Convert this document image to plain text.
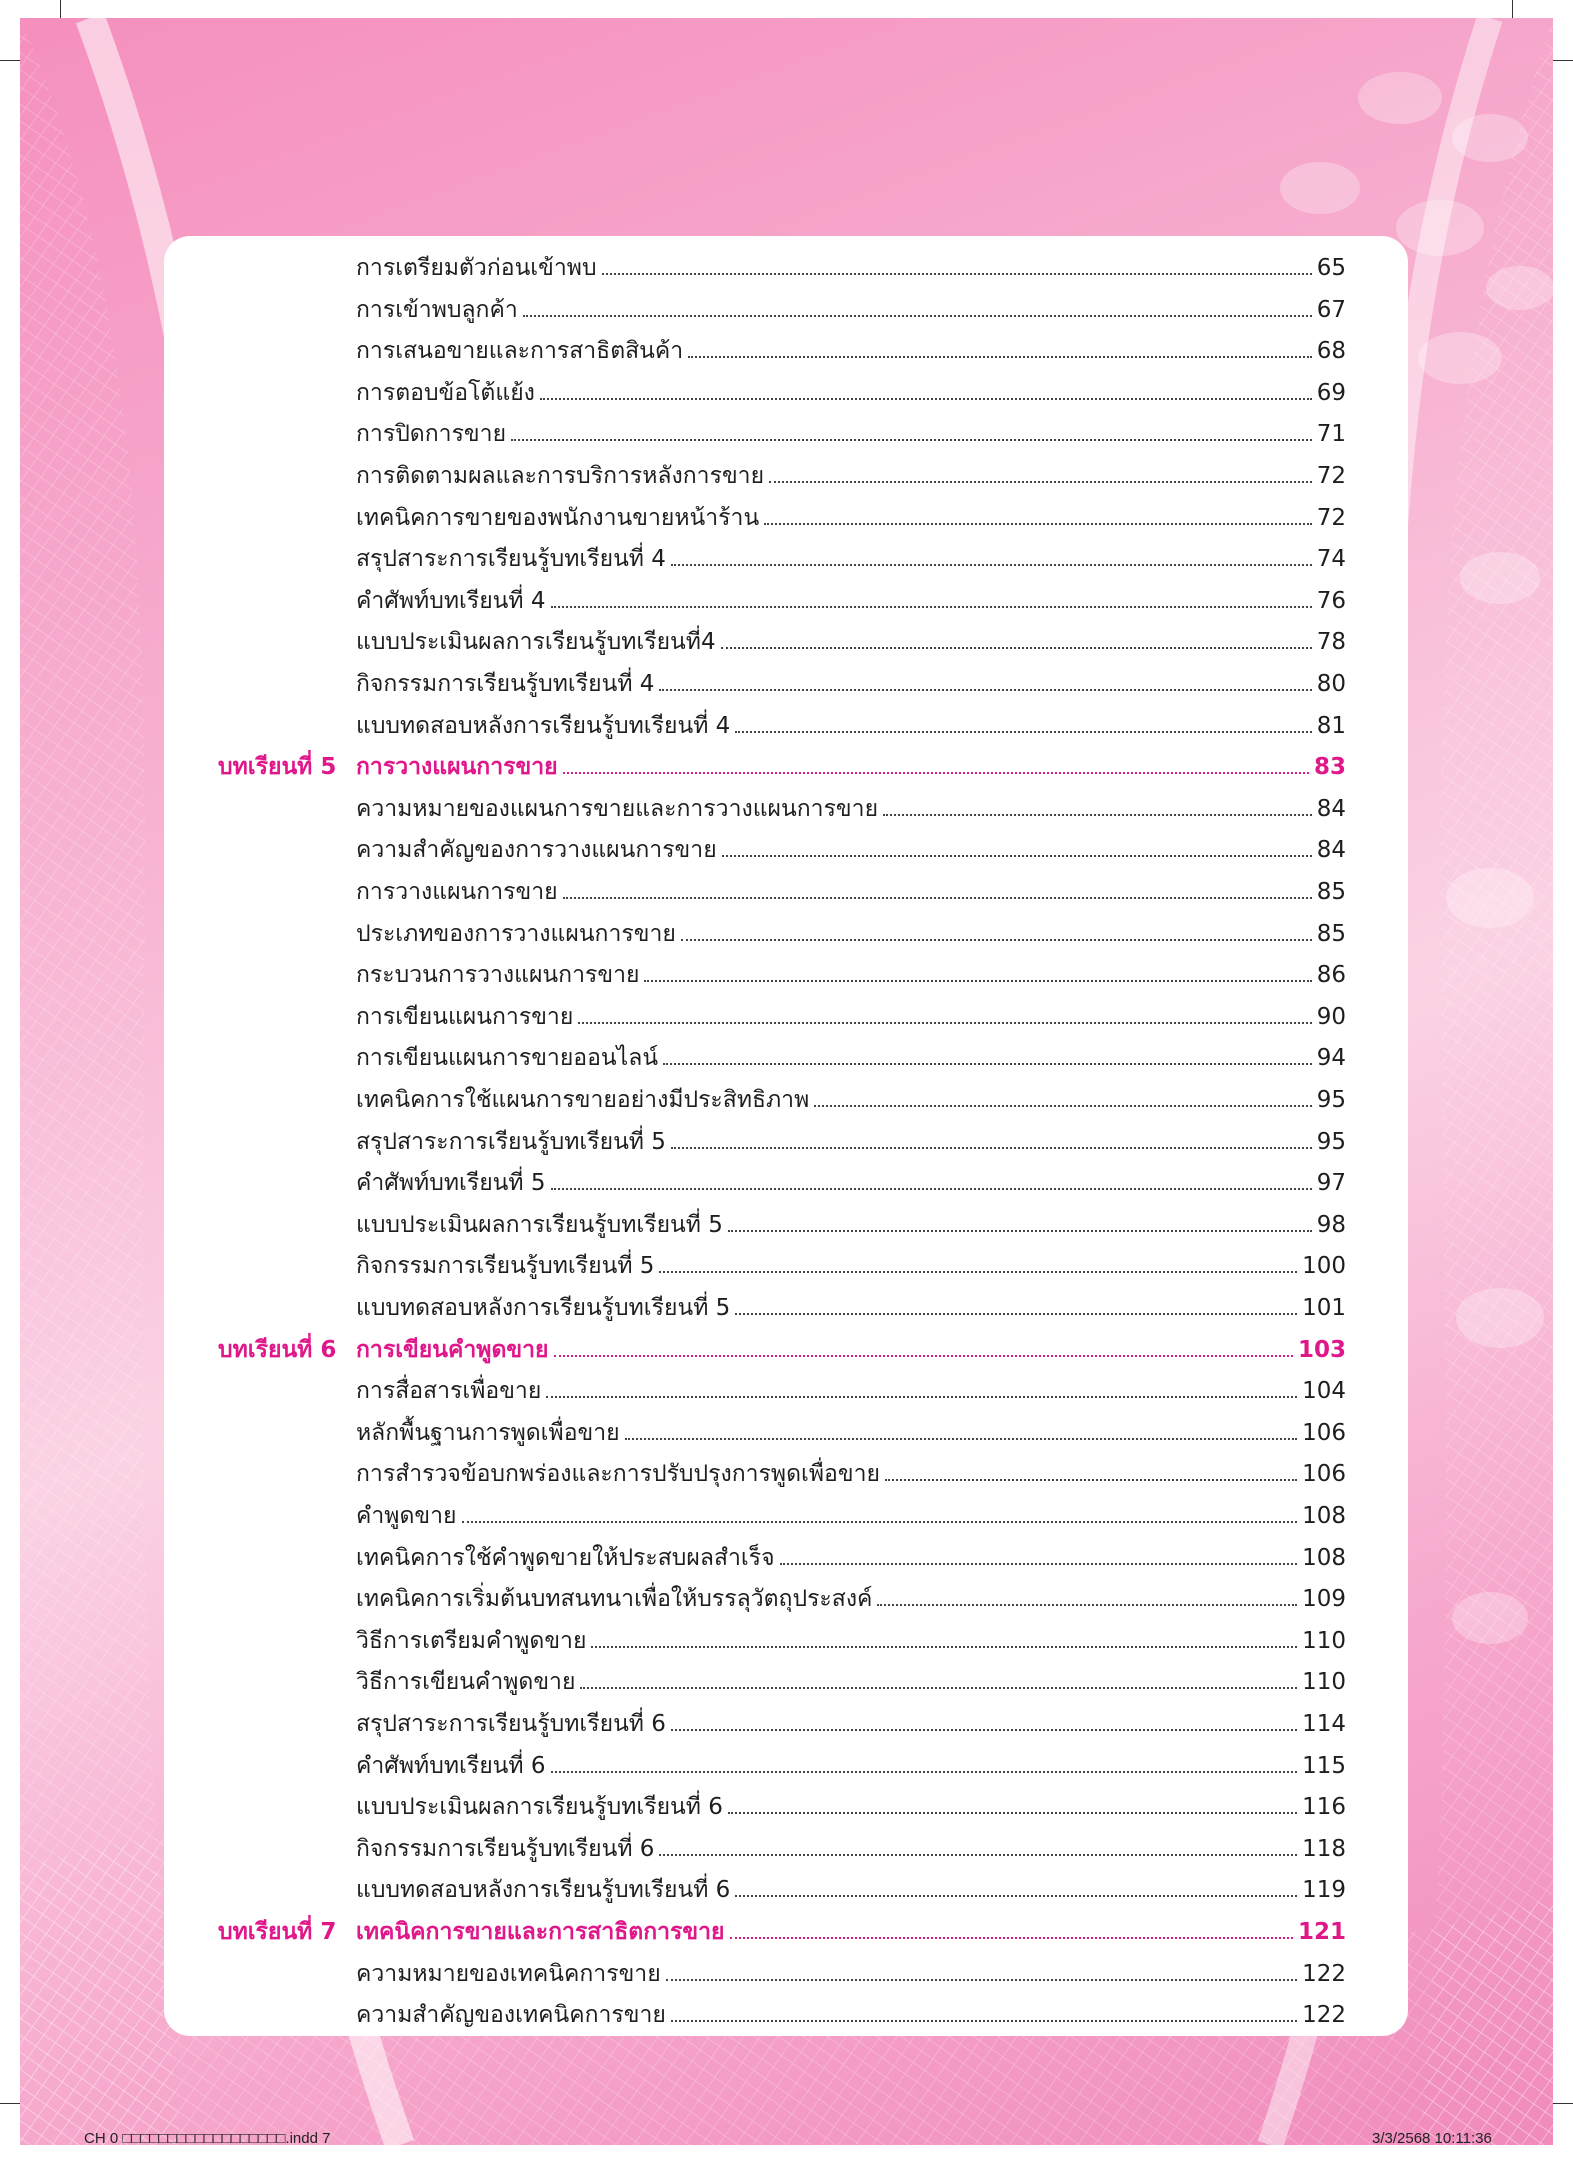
การเตรียมตัวก่อนเข้าพบ	65
การเข้าพบลูกค้า	67
การเสนอขายและการสาธิตสินค้า	68
การตอบข้อโต้แย้ง	69
การปิดการขาย	71
การติดตามผลและการบริการหลังการขาย	72
เทคนิคการขายของพนักงานขายหน้าร้าน	72
สรุปสาระการเรียนรู้บทเรียนที่ 4	74
คำศัพท์บทเรียนที่ 4	76
แบบประเมินผลการเรียนรู้บทเรียนที่4	78
กิจกรรมการเรียนรู้บทเรียนที่ 4	80
แบบทดสอบหลังการเรียนรู้บทเรียนที่ 4	81
บทเรียนที่ 5 การวางแผนการขาย	83
ความหมายของแผนการขายและการวางแผนการขาย	84
ความสำคัญของการวางแผนการขาย	84
การวางแผนการขาย	85
ประเภทของการวางแผนการขาย	85
กระบวนการวางแผนการขาย	86
การเขียนแผนการขาย	90
การเขียนแผนการขายออนไลน์	94
เทคนิคการใช้แผนการขายอย่างมีประสิทธิภาพ	95
สรุปสาระการเรียนรู้บทเรียนที่ 5	95
คำศัพท์บทเรียนที่ 5	97
แบบประเมินผลการเรียนรู้บทเรียนที่ 5	98
กิจกรรมการเรียนรู้บทเรียนที่ 5	100
แบบทดสอบหลังการเรียนรู้บทเรียนที่ 5	101
บทเรียนที่ 6 การเขียนคำพูดขาย	103
การสื่อสารเพื่อขาย	104
หลักพื้นฐานการพูดเพื่อขาย	106
การสำรวจข้อบกพร่องและการปรับปรุงการพูดเพื่อขาย	106
คำพูดขาย	108
เทคนิคการใช้คำพูดขายให้ประสบผลสำเร็จ	108
เทคนิคการเริ่มต้นบทสนทนาเพื่อให้บรรลุวัตถุประสงค์	109
วิธีการเตรียมคำพูดขาย	110
วิธีการเขียนคำพูดขาย	110
สรุปสาระการเรียนรู้บทเรียนที่ 6	114
คำศัพท์บทเรียนที่ 6	115
แบบประเมินผลการเรียนรู้บทเรียนที่ 6	116
กิจกรรมการเรียนรู้บทเรียนที่ 6	118
แบบทดสอบหลังการเรียนรู้บทเรียนที่ 6	119
บทเรียนที่ 7 เทคนิคการขายและการสาธิตการขาย	121
ความหมายของเทคนิคการขาย	122
ความสำคัญของเทคนิคการขาย	122
CH 0 □□□□□□□□□□□□□□□□□□.indd 7	3/3/2568 10:11:36
